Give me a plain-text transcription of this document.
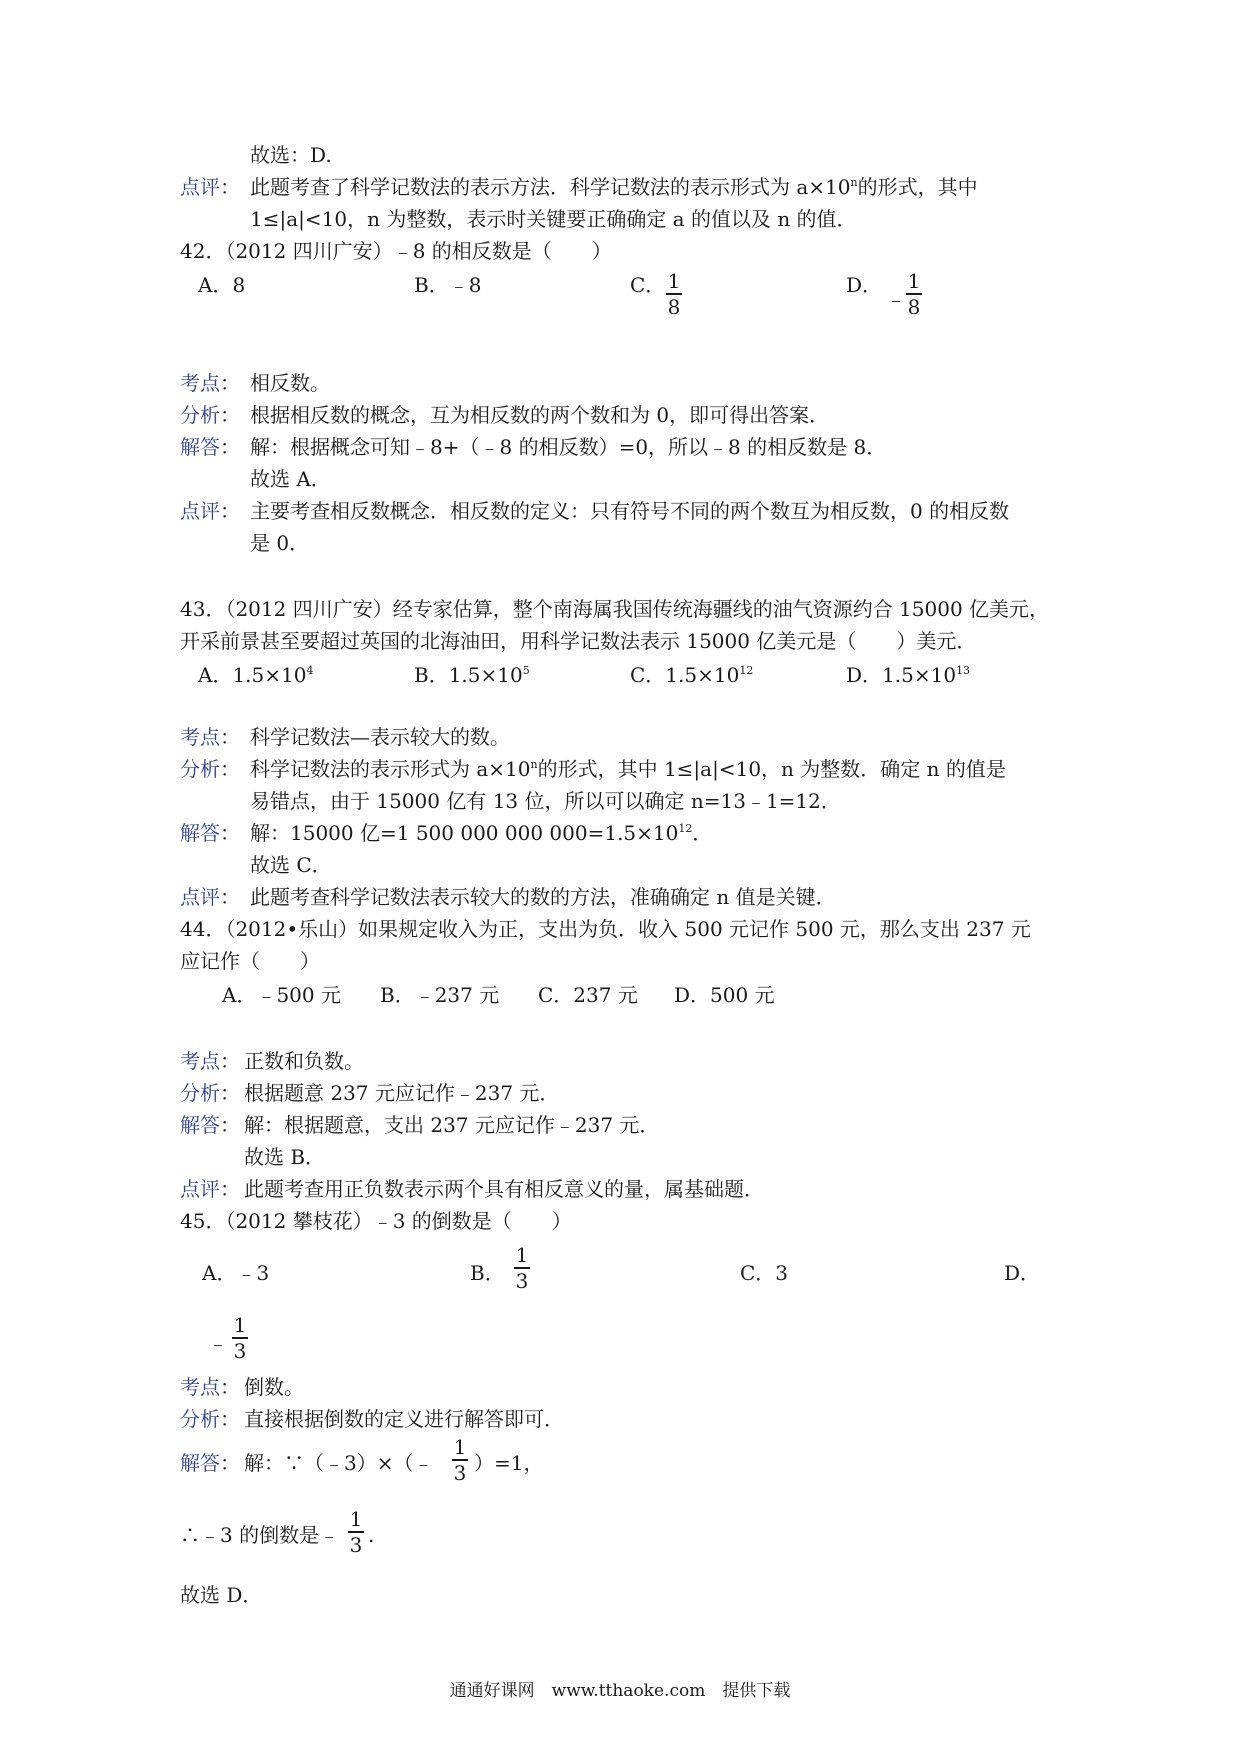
故选：D.
点评： 此题考查了科学记数法的表示方法．科学记数法的表示形式为 $a\times 10^n$的形式，其中
1≤|a|<10，n 为整数，表示时关键要正确确定 a 的值以及 n 的值．
42．（2012 四川广安）﹣8 的相反数是（　　）
A．8	B．﹣8	C． 1
8
D．
﹣
1
8
考点： 相反数。
分析： 根据相反数的概念，互为相反数的两个数和为 0，即可得出答案．
解答： 解：根据概念可知﹣8+（﹣8 的相反数）=0，所以﹣8 的相反数是 8．
故选 A．
点评： 主要考查相反数概念．相反数的定义：只有符号不同的两个数互为相反数，0 的相反数
是 0．
43．（2012 四川广安）经专家估算，整个南海属我国传统海疆线的油气资源约合 15000 亿美元，
开采前景甚至要超过英国的北海油田，用科学记数法表示 15000 亿美元是（　　）美元．
A．$1.5\times 10^4$	B．$1.5\times 10^5$	C．$1.5\times 10^{12}$	D．$1.5\times 10^{13}$
考点： 科学记数法—表示较大的数。
分析： 科学记数法的表示形式为 $a\times 10^n$的形式，其中 1≤|a|<10，n 为整数．确定 n 的值是
易错点，由于 15000 亿有 13 位，所以可以确定 n=13﹣1=12．
解答： 解：15000 亿=1 500 000 000 $000=1.5\times 10^{12}$．
故选 C．
点评： 此题考查科学记数法表示较大的数的方法，准确确定 n 值是关键．
44．（2012•乐山）如果规定收入为正，支出为负．收入 500 元记作 500 元，那么支出 237 元
应记作（　　）
A．﹣500 元 B．﹣237 元 C．237 元 D．500 元
考点： 正数和负数。
分析： 根据题意 237 元应记作﹣237 元．
解答： 解：根据题意，支出 237 元应记作﹣237 元．
故选 B．
点评： 此题考查用正负数表示两个具有相反意义的量，属基础题．
45．（2012 攀枝花）﹣3 的倒数是（　　）
A．﹣3	B．
1
3	C．3	D．
﹣
1
3
考点： 倒数。
分析： 直接根据倒数的定义进行解答即可．
解答： 解：∵（﹣3）×（﹣
1
3 ）=1，
∴﹣3 的倒数是﹣
1
3 .
故选 D．
通通好课网　www.tthaoke.com　提供下载
